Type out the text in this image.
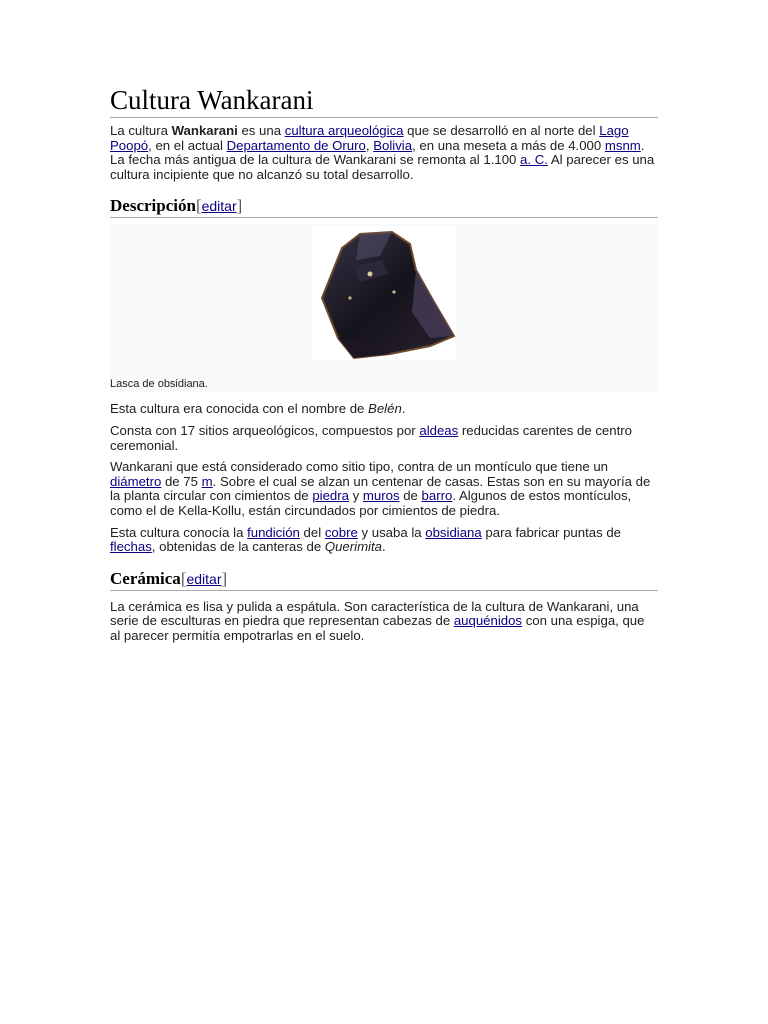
Cultura Wankarani

La cultura Wankarani es una cultura arqueológica que se desarrolló en al norte del Lago Poopó, en el actual Departamento de Oruro, Bolivia, en una meseta a más de 4.000 msnm. La fecha más antigua de la cultura de Wankarani se remonta al 1.100 a. C. Al parecer es una cultura incipiente que no alcanzó su total desarrollo.

Descripción[editar]
Lasca de obsidiana.

Esta cultura era conocida con el nombre de Belén.

Consta con 17 sitios arqueológicos, compuestos por aldeas reducidas carentes de centro ceremonial.

Wankarani que está considerado como sitio tipo, contra de un montículo que tiene un diámetro de 75 m. Sobre el cual se alzan un centenar de casas. Estas son en su mayoría de la planta circular con cimientos de piedra y muros de barro. Algunos de estos montículos, como el de Kella-Kollu, están circundados por cimientos de piedra.

Esta cultura conocía la fundición del cobre y usaba la obsidiana para fabricar puntas de flechas, obtenidas de la canteras de Querimita.

Cerámica[editar]

La cerámica es lisa y pulida a espátula. Son característica de la cultura de Wankarani, una serie de esculturas en piedra que representan cabezas de auquénidos con una espiga, que al parecer permitía empotrarlas en el suelo.
